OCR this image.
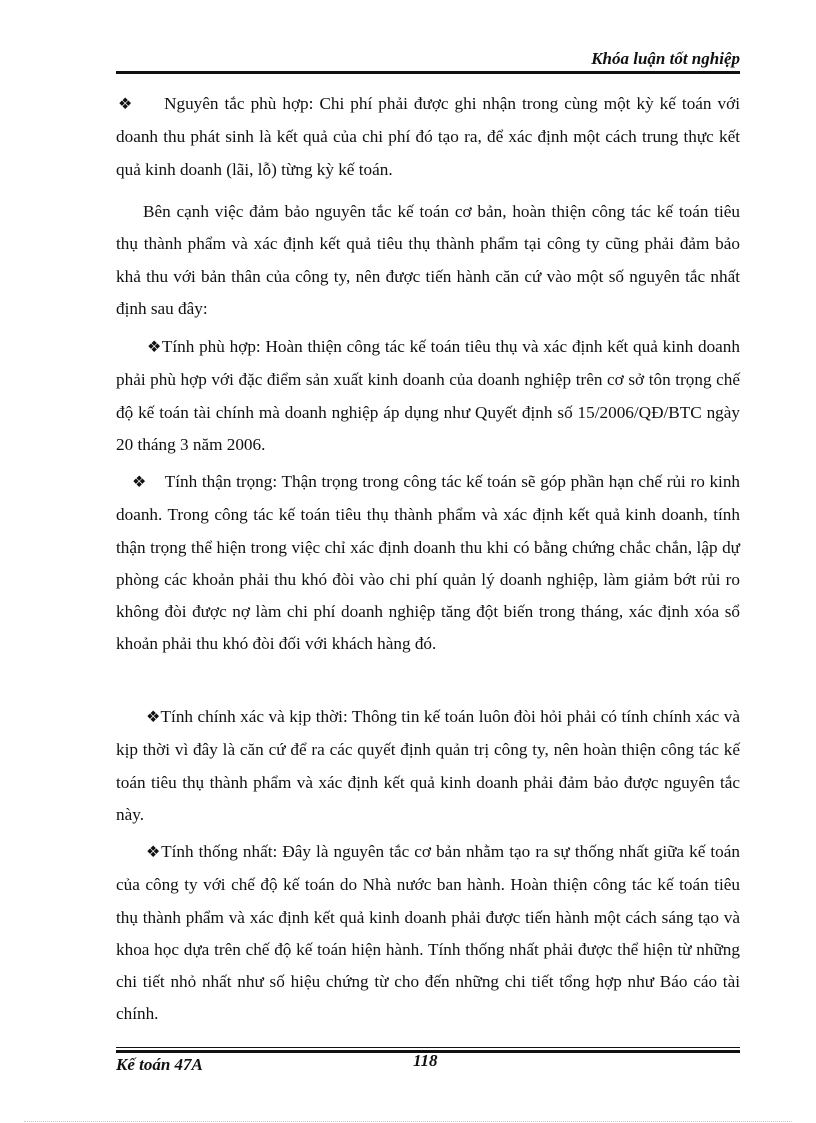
Khóa luận tốt nghiệp

❖ Nguyên tắc phù hợp: Chi phí phải được ghi nhận trong cùng một kỳ kế toán với doanh thu phát sinh là kết quả của chi phí đó tạo ra, để xác định một cách trung thực kết quả kinh doanh (lãi, lỗ) từng kỳ kế toán.

Bên cạnh việc đảm bảo nguyên tắc kế toán cơ bản, hoàn thiện công tác kế toán tiêu thụ thành phẩm và xác định kết quả tiêu thụ thành phẩm tại công ty cũng phải đảm bảo khả thu với bản thân của công ty, nên được tiến hành căn cứ vào một số nguyên tắc nhất định sau đây:

❖Tính phù hợp: Hoàn thiện công tác kế toán tiêu thụ và xác định kết quả kinh doanh phải phù hợp với đặc điểm sản xuất kinh doanh của doanh nghiệp trên cơ sở tôn trọng chế độ kế toán tài chính mà doanh nghiệp áp dụng như Quyết định số 15/2006/QĐ/BTC ngày 20 tháng 3 năm 2006.

❖ Tính thận trọng: Thận trọng trong công tác kế toán sẽ góp phần hạn chế rủi ro kinh doanh. Trong công tác kế toán tiêu thụ thành phẩm và xác định kết quả kinh doanh, tính thận trọng thể hiện trong việc chỉ xác định doanh thu khi có bằng chứng chắc chắn, lập dự phòng các khoản phải thu khó đòi vào chi phí quản lý doanh nghiệp, làm giảm bớt rủi ro không đòi được nợ làm chi phí doanh nghiệp tăng đột biến trong tháng, xác định xóa sổ khoản phải thu khó đòi đối với khách hàng đó.

❖Tính chính xác và kịp thời: Thông tin kế toán luôn đòi hỏi phải có tính chính xác và kịp thời vì đây là căn cứ để ra các quyết định quản trị công ty, nên hoàn thiện công tác kế toán tiêu thụ thành phẩm và xác định kết quả kinh doanh phải đảm bảo được nguyên tắc này.

❖Tính thống nhất: Đây là nguyên tắc cơ bản nhằm tạo ra sự thống nhất giữa kế toán của công ty với chế độ kế toán do Nhà nước ban hành. Hoàn thiện công tác kế toán tiêu thụ thành phẩm và xác định kết quả kinh doanh phải được tiến hành một cách sáng tạo và khoa học dựa trên chế độ kế toán hiện hành. Tính thống nhất phải được thể hiện từ những chi tiết nhỏ nhất như số hiệu chứng từ cho đến những chi tiết tổng hợp như Báo cáo tài chính.

Kế toán 47A	118
